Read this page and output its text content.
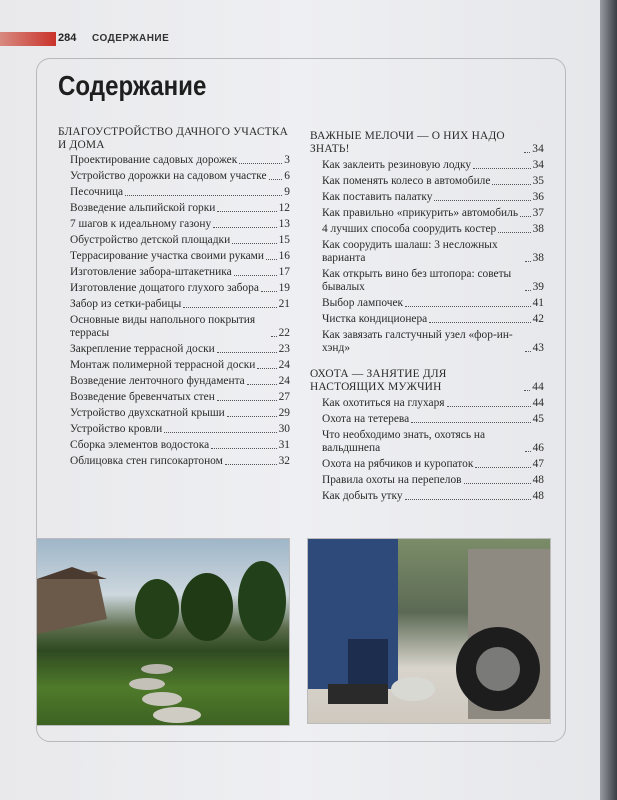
284 СОДЕРЖАНИЕ
Содержание
БЛАГОУСТРОЙСТВО ДАЧНОГО УЧАСТКА И ДОМА
Проектирование садовых дорожек	3
Устройство дорожки на садовом участке 6
Песочница	9
Возведение альпийской горки	12
7 шагов к идеальному газону	13
Обустройство детской площадки	15
Террасирование участка своими руками 16
Изготовление забора-штакетника	17
Изготовление дощатого глухого забора 19
Забор из сетки-рабицы	21
Основные виды напольного покрытия террасы	22
Закрепление террасной доски	23
Монтаж полимерной террасной доски 24
Возведение ленточного фундамента	24
Возведение бревенчатых стен	27
Устройство двухскатной крыши	29
Устройство кровли	30
Сборка элементов водостока	31
Облицовка стен гипсокартоном	32
ВАЖНЫЕ МЕЛОЧИ — О НИХ НАДО ЗНАТЬ!	34
Как заклеить резиновую лодку	34
Как поменять колесо в автомобиле	35
Как поставить палатку	36
Как правильно «прикурить» автомобиль 37
4 лучших способа соорудить костер	38
Как соорудить шалаш: 3 несложных варианта	38
Как открыть вино без штопора: советы бывалых	39
Выбор лампочек	41
Чистка кондиционера	42
Как завязать галстучный узел «фор-ин-хэнд»	43
ОХОТА — ЗАНЯТИЕ ДЛЯ НАСТОЯЩИХ МУЖЧИН	44
Как охотиться на глухаря	44
Охота на тетерева	45
Что необходимо знать, охотясь на вальдшнепа	46
Охота на рябчиков и куропаток	47
Правила охоты на перепелов	48
Как добыть утку	48
